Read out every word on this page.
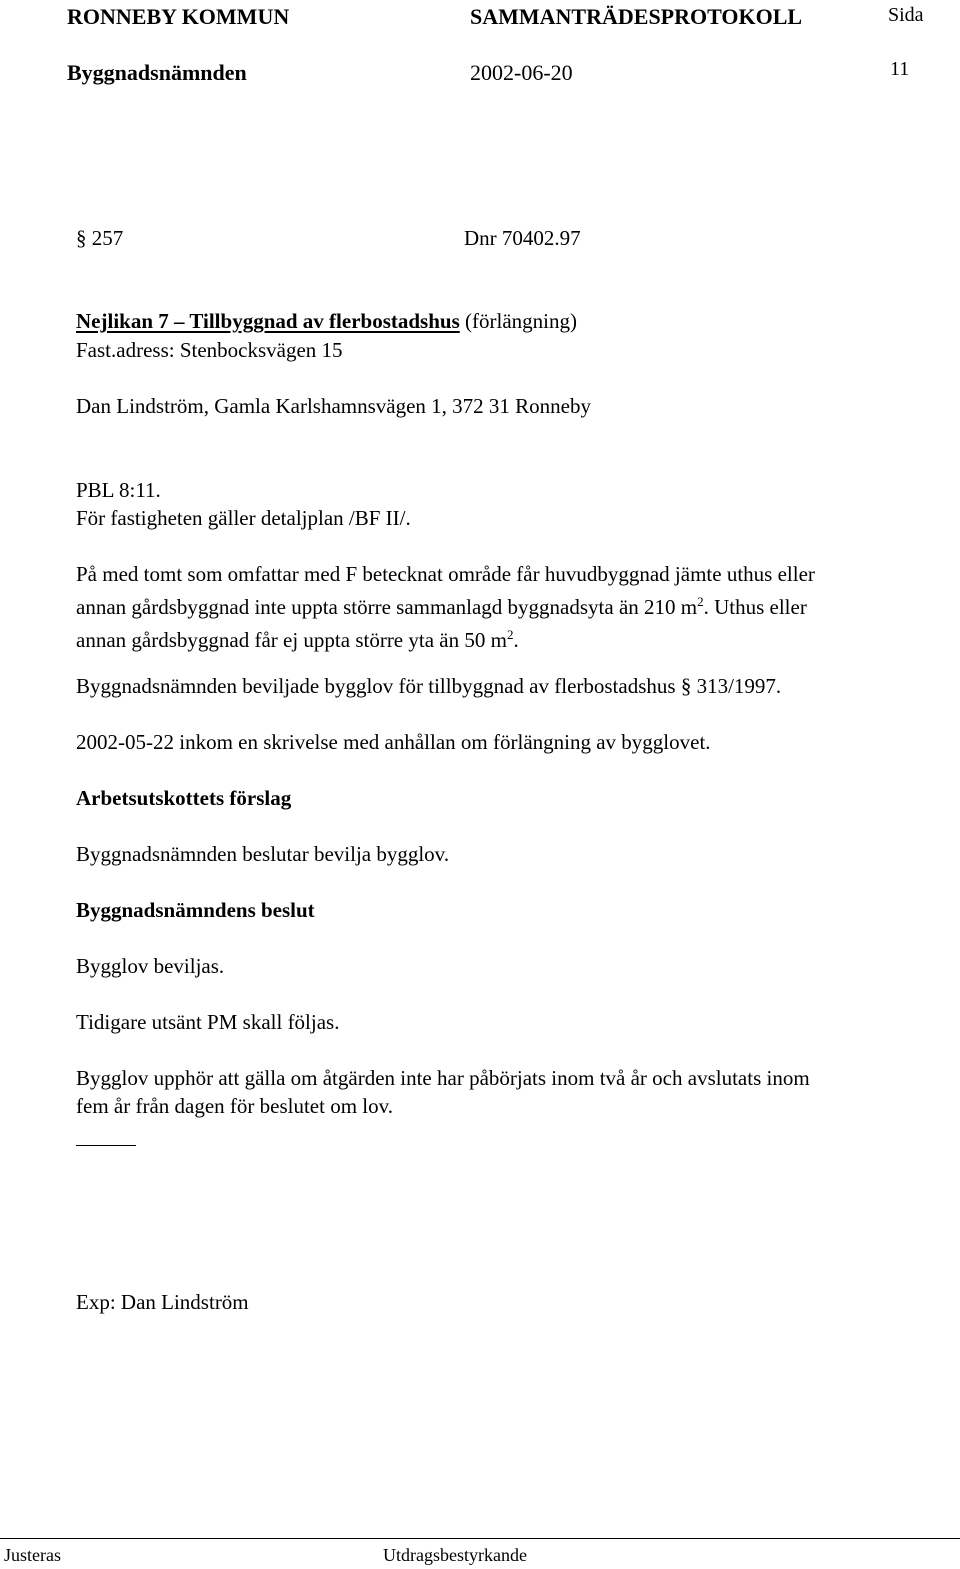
RONNEBY KOMMUN	SAMMANTRÄDESPROTOKOLL	Sida
Byggnadsnämnden	2002-06-20	11
§ 257	Dnr 70402.97
Nejlikan 7 – Tillbyggnad av flerbostadshus (förlängning)
Fast.adress: Stenbocksvägen 15
Dan Lindström, Gamla Karlshamnsvägen 1, 372 31 Ronneby
PBL 8:11.
För fastigheten gäller detaljplan /BF II/.
På med tomt som omfattar med F betecknat område får huvudbyggnad jämte uthus eller
annan gårdsbyggnad inte uppta större sammanlagd byggnadsyta än 210 $m^2$. Uthus eller
annan gårdsbyggnad får ej uppta större yta än 50 $m^2$.
Byggnadsnämnden beviljade bygglov för tillbyggnad av flerbostadshus § 313/1997.
2002-05-22 inkom en skrivelse med anhållan om förlängning av bygglovet.
Arbetsutskottets förslag
Byggnadsnämnden beslutar bevilja bygglov.
Byggnadsnämndens beslut
Bygglov beviljas.
Tidigare utsänt PM skall följas.
Bygglov upphör att gälla om åtgärden inte har påbörjats inom två år och avslutats inom
fem år från dagen för beslutet om lov.
Exp: Dan Lindström
Justeras	Utdragsbestyrkande
